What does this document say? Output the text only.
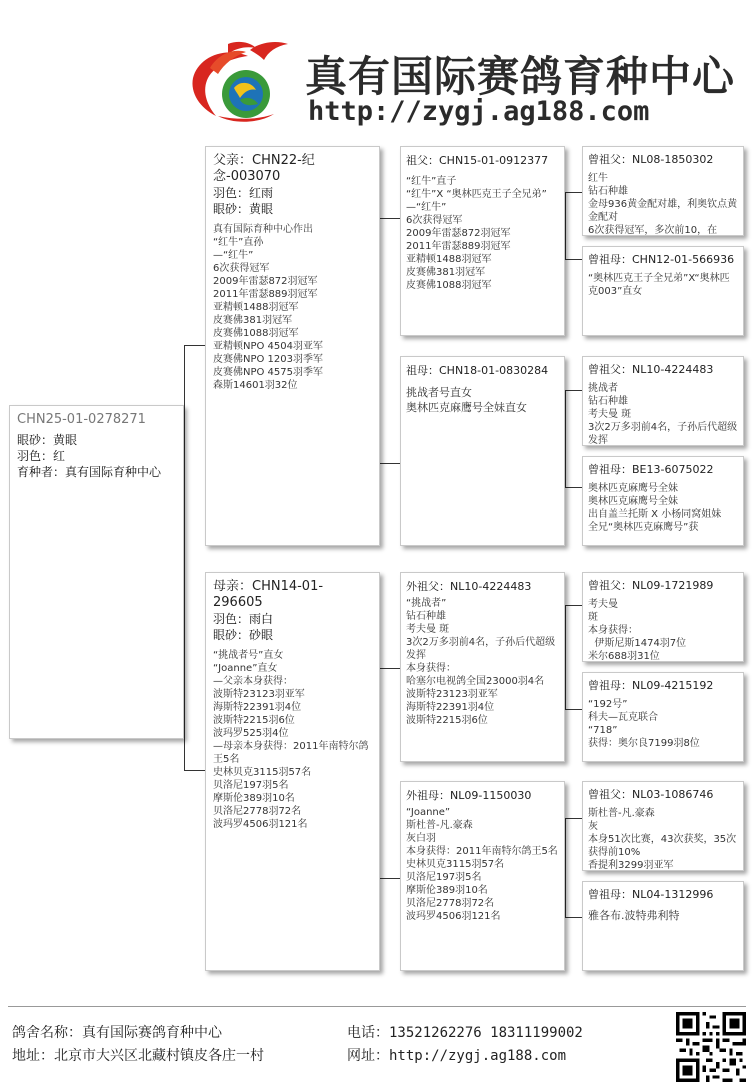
真有国际赛鸽育种中心
http://zygj.ag188.com
CHN25-01-0278271
眼砂：黄眼
羽色：红
育种者：真有国际育种中心
父亲：CHN22-纪念-003070
羽色：红雨
眼砂：黄眼
真有国际育种中心作出
“红牛”直孙
—“红牛”
6次获得冠军
2009年雷瑟872羽冠军
2011年雷瑟889羽冠军
亚精顿1488羽冠军
皮赛佛381羽冠军
皮赛佛1088羽冠军
亚精顿NPO 4504羽亚军
皮赛佛NPO 1203羽季军
皮赛佛NPO 4575羽季军
森斯14601羽32位
母亲：CHN14-01-296605
羽色：雨白
眼砂：砂眼
“挑战者号”直女
“Joanne”直女
—父亲本身获得：
波斯特23123羽亚军
海斯特22391羽4位
波斯特2215羽6位
波玛罗525羽4位
—母亲本身获得：2011年南特尔鸽王5名
史林贝克3115羽57名
贝洛尼197羽5名
摩斯伦389羽10名
贝洛尼2778羽72名
波玛罗4506羽121名
祖父：CHN15-01-0912377
“红牛”直子
“红牛”X “奥林匹克王子全兄弟”
—“红牛”
6次获得冠军
2009年雷瑟872羽冠军
2011年雷瑟889羽冠军
亚精顿1488羽冠军
皮赛佛381羽冠军
皮赛佛1088羽冠军
祖母：CHN18-01-0830284
挑战者号直女
奥林匹克麻鹰号全妹直女
外祖父：NL10-4224483
“挑战者”
钻石种雄
考夫曼 斑
3次2万多羽前4名，子孙后代超级发挥
本身获得：
哈塞尔电视鸽全国23000羽4名
波斯特23123羽亚军
海斯特22391羽4位
波斯特2215羽6位
外祖母：NL09-1150030
“Joanne”
斯杜普-凡.豪森
灰白羽
本身获得：2011年南特尔鸽王5名
史林贝克3115羽57名
贝洛尼197羽5名
摩斯伦389羽10名
贝洛尼2778羽72名
波玛罗4506羽121名
曾祖父：NL08-1850302
红牛
钻石种雄
金母936黄金配对雄，利奥钦点黄金配对
6次获得冠军，多次前10，在
曾祖母：CHN12-01-566936
“奥林匹克王子全兄弟”X“奥林匹克003”直女
曾祖父：NL10-4224483
挑战者
钻石种雄
考夫曼 斑
3次2万多羽前4名，子孙后代超级发挥
曾祖母：BE13-6075022
奥林匹克麻鹰号全妹
奥林匹克麻鹰号全妹
出自盖兰托斯 X 小杨同窝姐妹
全兄“奥林匹克麻鹰号”获
曾祖父：NL09-1721989
考夫曼
斑
本身获得：
伊斯尼斯1474羽7位
米尔688羽31位
曾祖母：NL09-4215192
“192号”
科夫—瓦克联合
“718”
获得：奥尔良7199羽8位
曾祖父：NL03-1086746
斯杜普-凡.豪森
灰
本身51次比赛，43次获奖，35次获得前10%
香提利3299羽亚军
曾祖母：NL04-1312996
雅各布.波特弗利特
鸽舍名称：真有国际赛鸽育种中心
地址：北京市大兴区北藏村镇皮各庄一村
电话：13521262276 18311199002
网址：http://zygj.ag188.com
